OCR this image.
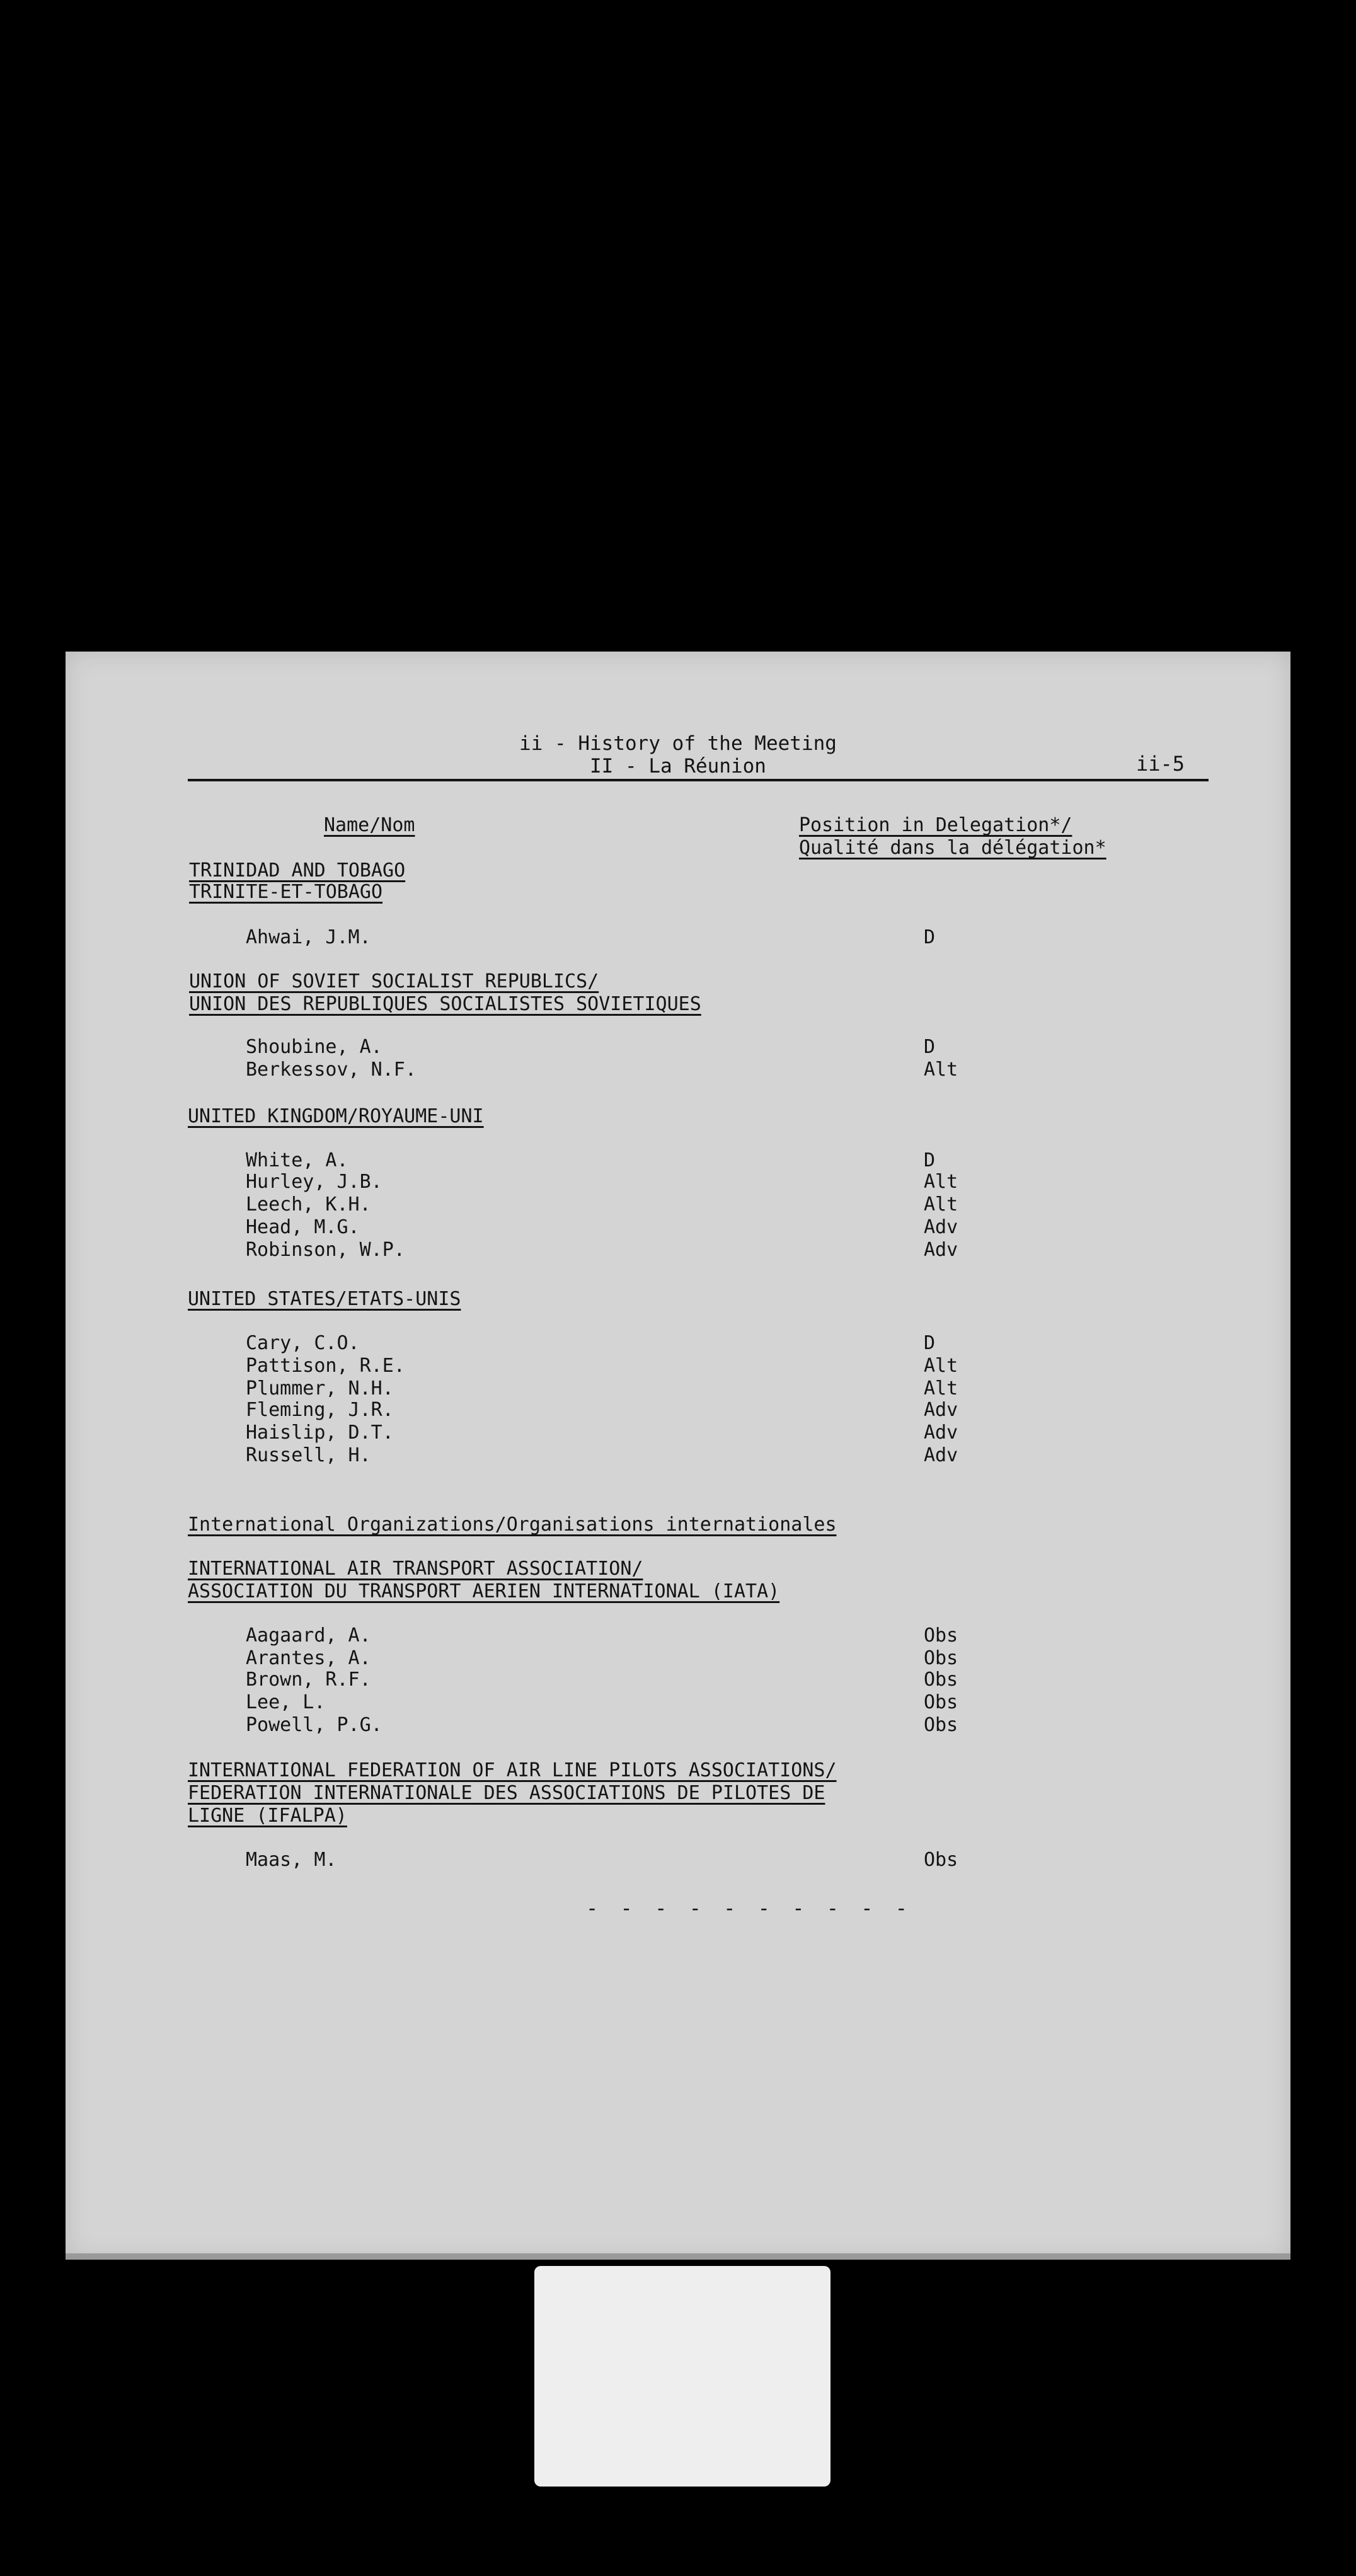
ii - History of the Meeting
II - La Réunion	ii-5
Name/Nom	Position in Delegation*/
Qualité dans la délégation*
TRINIDAD AND TOBAGO
TRINITE-ET-TOBAGO
Ahwai, J.M.	D
UNION OF SOVIET SOCIALIST REPUBLICS/
UNION DES REPUBLIQUES SOCIALISTES SOVIETIQUES
Shoubine, A.	D
Berkessov, N.F.	Alt
UNITED KINGDOM/ROYAUME-UNI
White, A.	D
Hurley, J.B.	Alt
Leech, K.H.	Alt
Head, M.G.	Adv
Robinson, W.P.	Adv
UNITED STATES/ETATS-UNIS
Cary, C.O.	D
Pattison, R.E.	Alt
Plummer, N.H.	Alt
Fleming, J.R.	Adv
Haislip, D.T.	Adv
Russell, H.	Adv
International Organizations/Organisations internationales
INTERNATIONAL AIR TRANSPORT ASSOCIATION/
ASSOCIATION DU TRANSPORT AERIEN INTERNATIONAL (IATA)
Aagaard, A.	Obs
Arantes, A.	Obs
Brown, R.F.	Obs
Lee, L.	Obs
Powell, P.G.	Obs
INTERNATIONAL FEDERATION OF AIR LINE PILOTS ASSOCIATIONS/
FEDERATION INTERNATIONALE DES ASSOCIATIONS DE PILOTES DE
LIGNE (IFALPA)
Maas, M.	Obs
- - - - - - - - - -
